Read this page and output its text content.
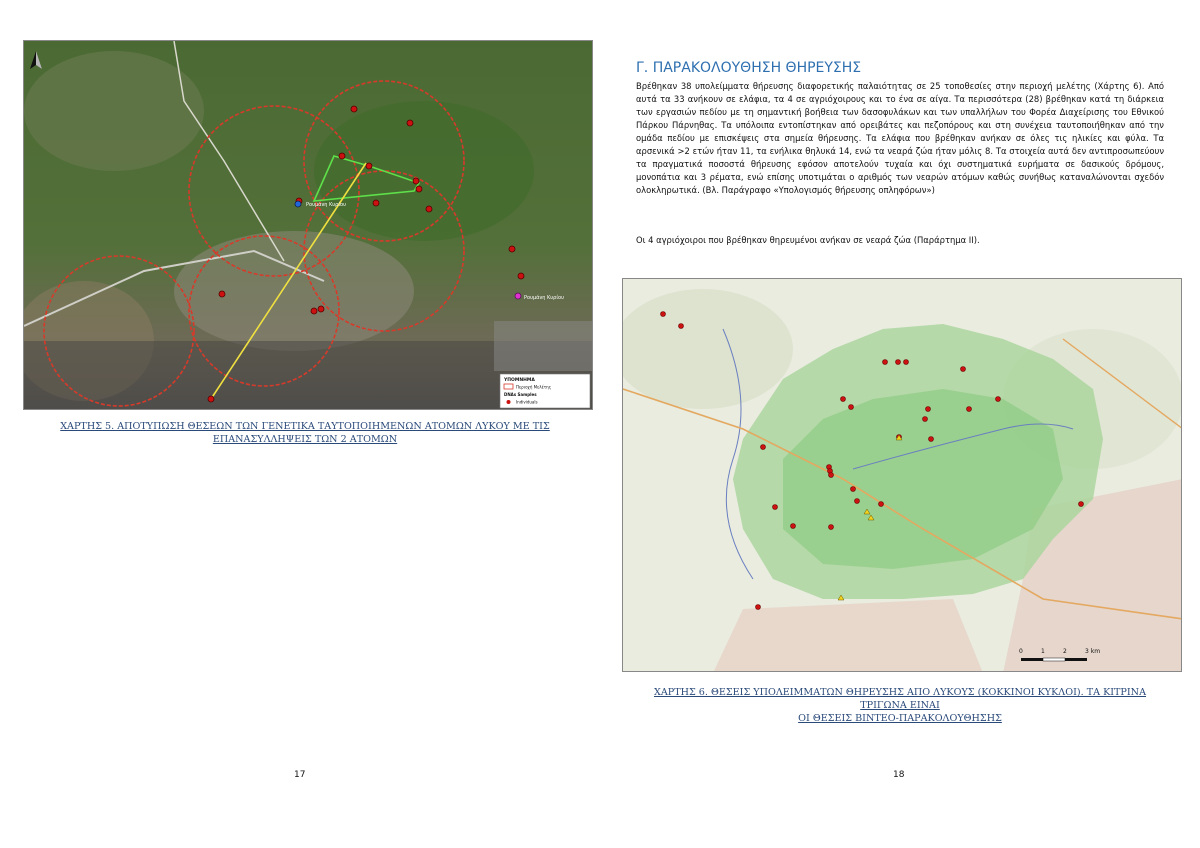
Ρουμάνη Κυρίου
Ρουμάνη Κυρίου
ΥΠΟΜΝΗΜΑ
Περιοχή Μελέτης
DNAs Samples
Individuals
ΧΑΡΤΗΣ 5. ΑΠΟΤΥΠΩΣΗ ΘΕΣΕΩΝ ΤΩΝ ΓΕΝΕΤΙΚΑ ΤΑΥΤΟΠΟΙΗΜΕΝΩΝ ΑΤΟΜΩΝ ΛΥΚΟΥ ΜΕ ΤΙΣ
ΕΠΑΝΑΣΥΛΛΗΨΕΙΣ ΤΩΝ 2 ΑΤΟΜΩΝ
17
Γ. ΠΑΡΑΚΟΛΟΥΘΗΣΗ ΘΗΡΕΥΣΗΣ

Βρέθηκαν 38 υπολείμματα θήρευσης διαφορετικής παλαιότητας σε 25 τοποθεσίες στην περιοχή μελέτης (Χάρτης 6). Από αυτά τα 33 ανήκουν σε ελάφια, τα 4 σε αγριόχοιρους και το ένα σε αίγα. Τα περισσότερα (28) βρέθηκαν κατά τη διάρκεια των εργασιών πεδίου με τη σημαντική βοήθεια των δασοφυλάκων και των υπαλλήλων του Φορέα Διαχείρισης του Εθνικού Πάρκου Πάρνηθας. Τα υπόλοιπα εντοπίστηκαν από ορειβάτες και πεζοπόρους και στη συνέχεια ταυτοποιήθηκαν από την ομάδα πεδίου με επισκέψεις στα σημεία θήρευσης. Τα ελάφια που βρέθηκαν ανήκαν σε όλες τις ηλικίες και φύλα. Τα αρσενικά >2 ετών ήταν 11, τα ενήλικα θηλυκά 14, ενώ τα νεαρά ζώα ήταν μόλις 8. Τα στοιχεία αυτά δεν αντιπροσωπεύουν τα πραγματικά ποσοστά θήρευσης εφόσον αποτελούν τυχαία και όχι συστηματικά ευρήματα σε δασικούς δρόμους, μονοπάτια και 3 ρέματα, ενώ επίσης υποτιμάται ο αριθμός των νεαρών ατόμων καθώς συνήθως καταναλώνονται σχεδόν ολοκληρωτικά. (Βλ. Παράγραφο «Υπολογισμός θήρευσης οπληφόρων»)

Οι 4 αγριόχοιροι που βρέθηκαν θηρευμένοι ανήκαν σε νεαρά ζώα (Παράρτημα ΙΙ).

0	1	2	3 km
ΧΑΡΤΗΣ 6. ΘΕΣΕΙΣ ΥΠΟΛΕΙΜΜΑΤΩΝ ΘΗΡΕΥΣΗΣ ΑΠΟ ΛΥΚΟΥΣ (ΚΟΚΚΙΝΟΙ ΚΥΚΛΟΙ). ΤΑ ΚΙΤΡΙΝΑ ΤΡΙΓΩΝΑ ΕΙΝΑΙ
ΟΙ ΘΕΣΕΙΣ ΒΙΝΤΕΟ-ΠΑΡΑΚΟΛΟΥΘΗΣΗΣ
18
